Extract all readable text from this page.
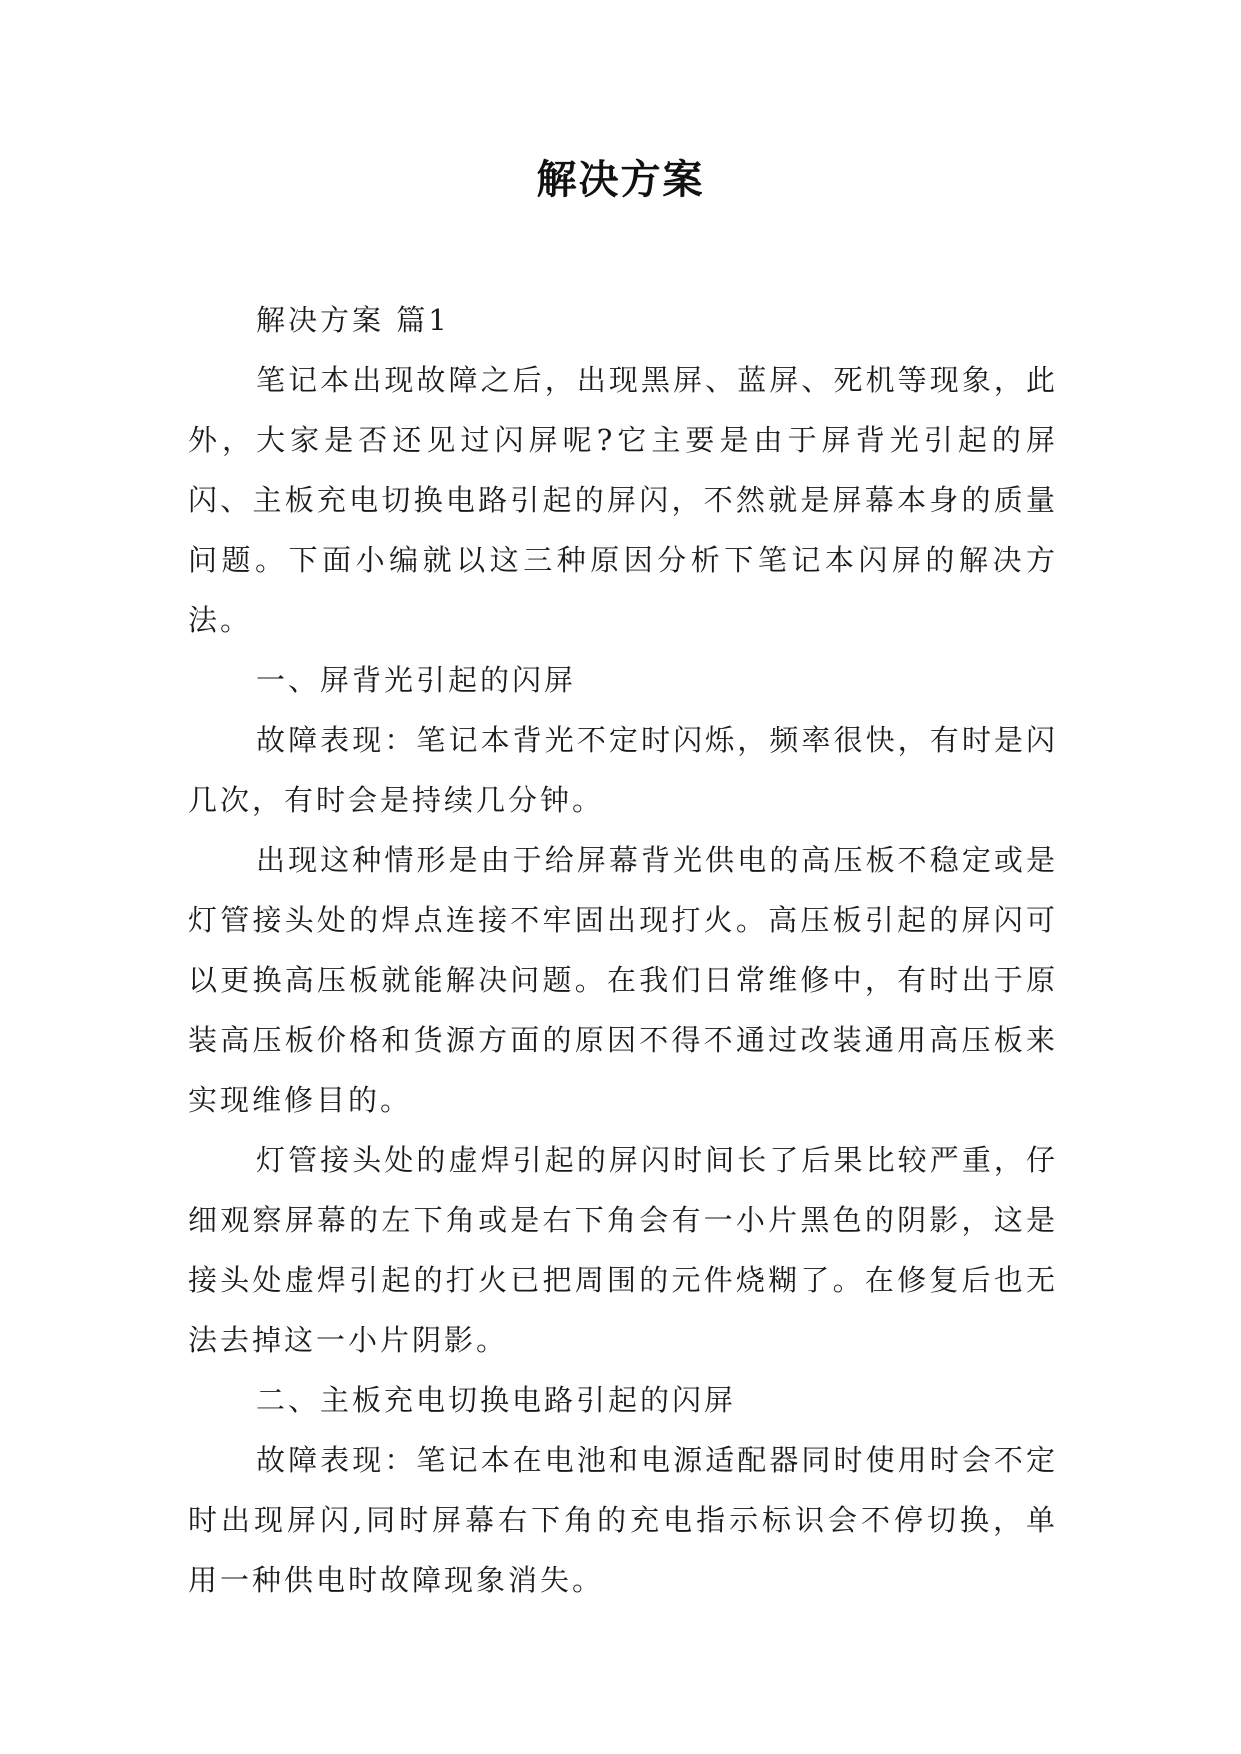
解决方案

解决方案 篇1

笔记本出现故障之后，出现黑屏、蓝屏、死机等现象，此外，大家是否还见过闪屏呢?它主要是由于屏背光引起的屏闪、主板充电切换电路引起的屏闪，不然就是屏幕本身的质量问题。下面小编就以这三种原因分析下笔记本闪屏的解决方法。

一、屏背光引起的闪屏

故障表现：笔记本背光不定时闪烁，频率很快，有时是闪几次，有时会是持续几分钟。

出现这种情形是由于给屏幕背光供电的高压板不稳定或是灯管接头处的焊点连接不牢固出现打火。高压板引起的屏闪可以更换高压板就能解决问题。在我们日常维修中，有时出于原装高压板价格和货源方面的原因不得不通过改装通用高压板来实现维修目的。

灯管接头处的虚焊引起的屏闪时间长了后果比较严重，仔细观察屏幕的左下角或是右下角会有一小片黑色的阴影，这是接头处虚焊引起的打火已把周围的元件烧糊了。在修复后也无法去掉这一小片阴影。

二、主板充电切换电路引起的闪屏

故障表现：笔记本在电池和电源适配器同时使用时会不定时出现屏闪,同时屏幕右下角的充电指示标识会不停切换，单用一种供电时故障现象消失。
